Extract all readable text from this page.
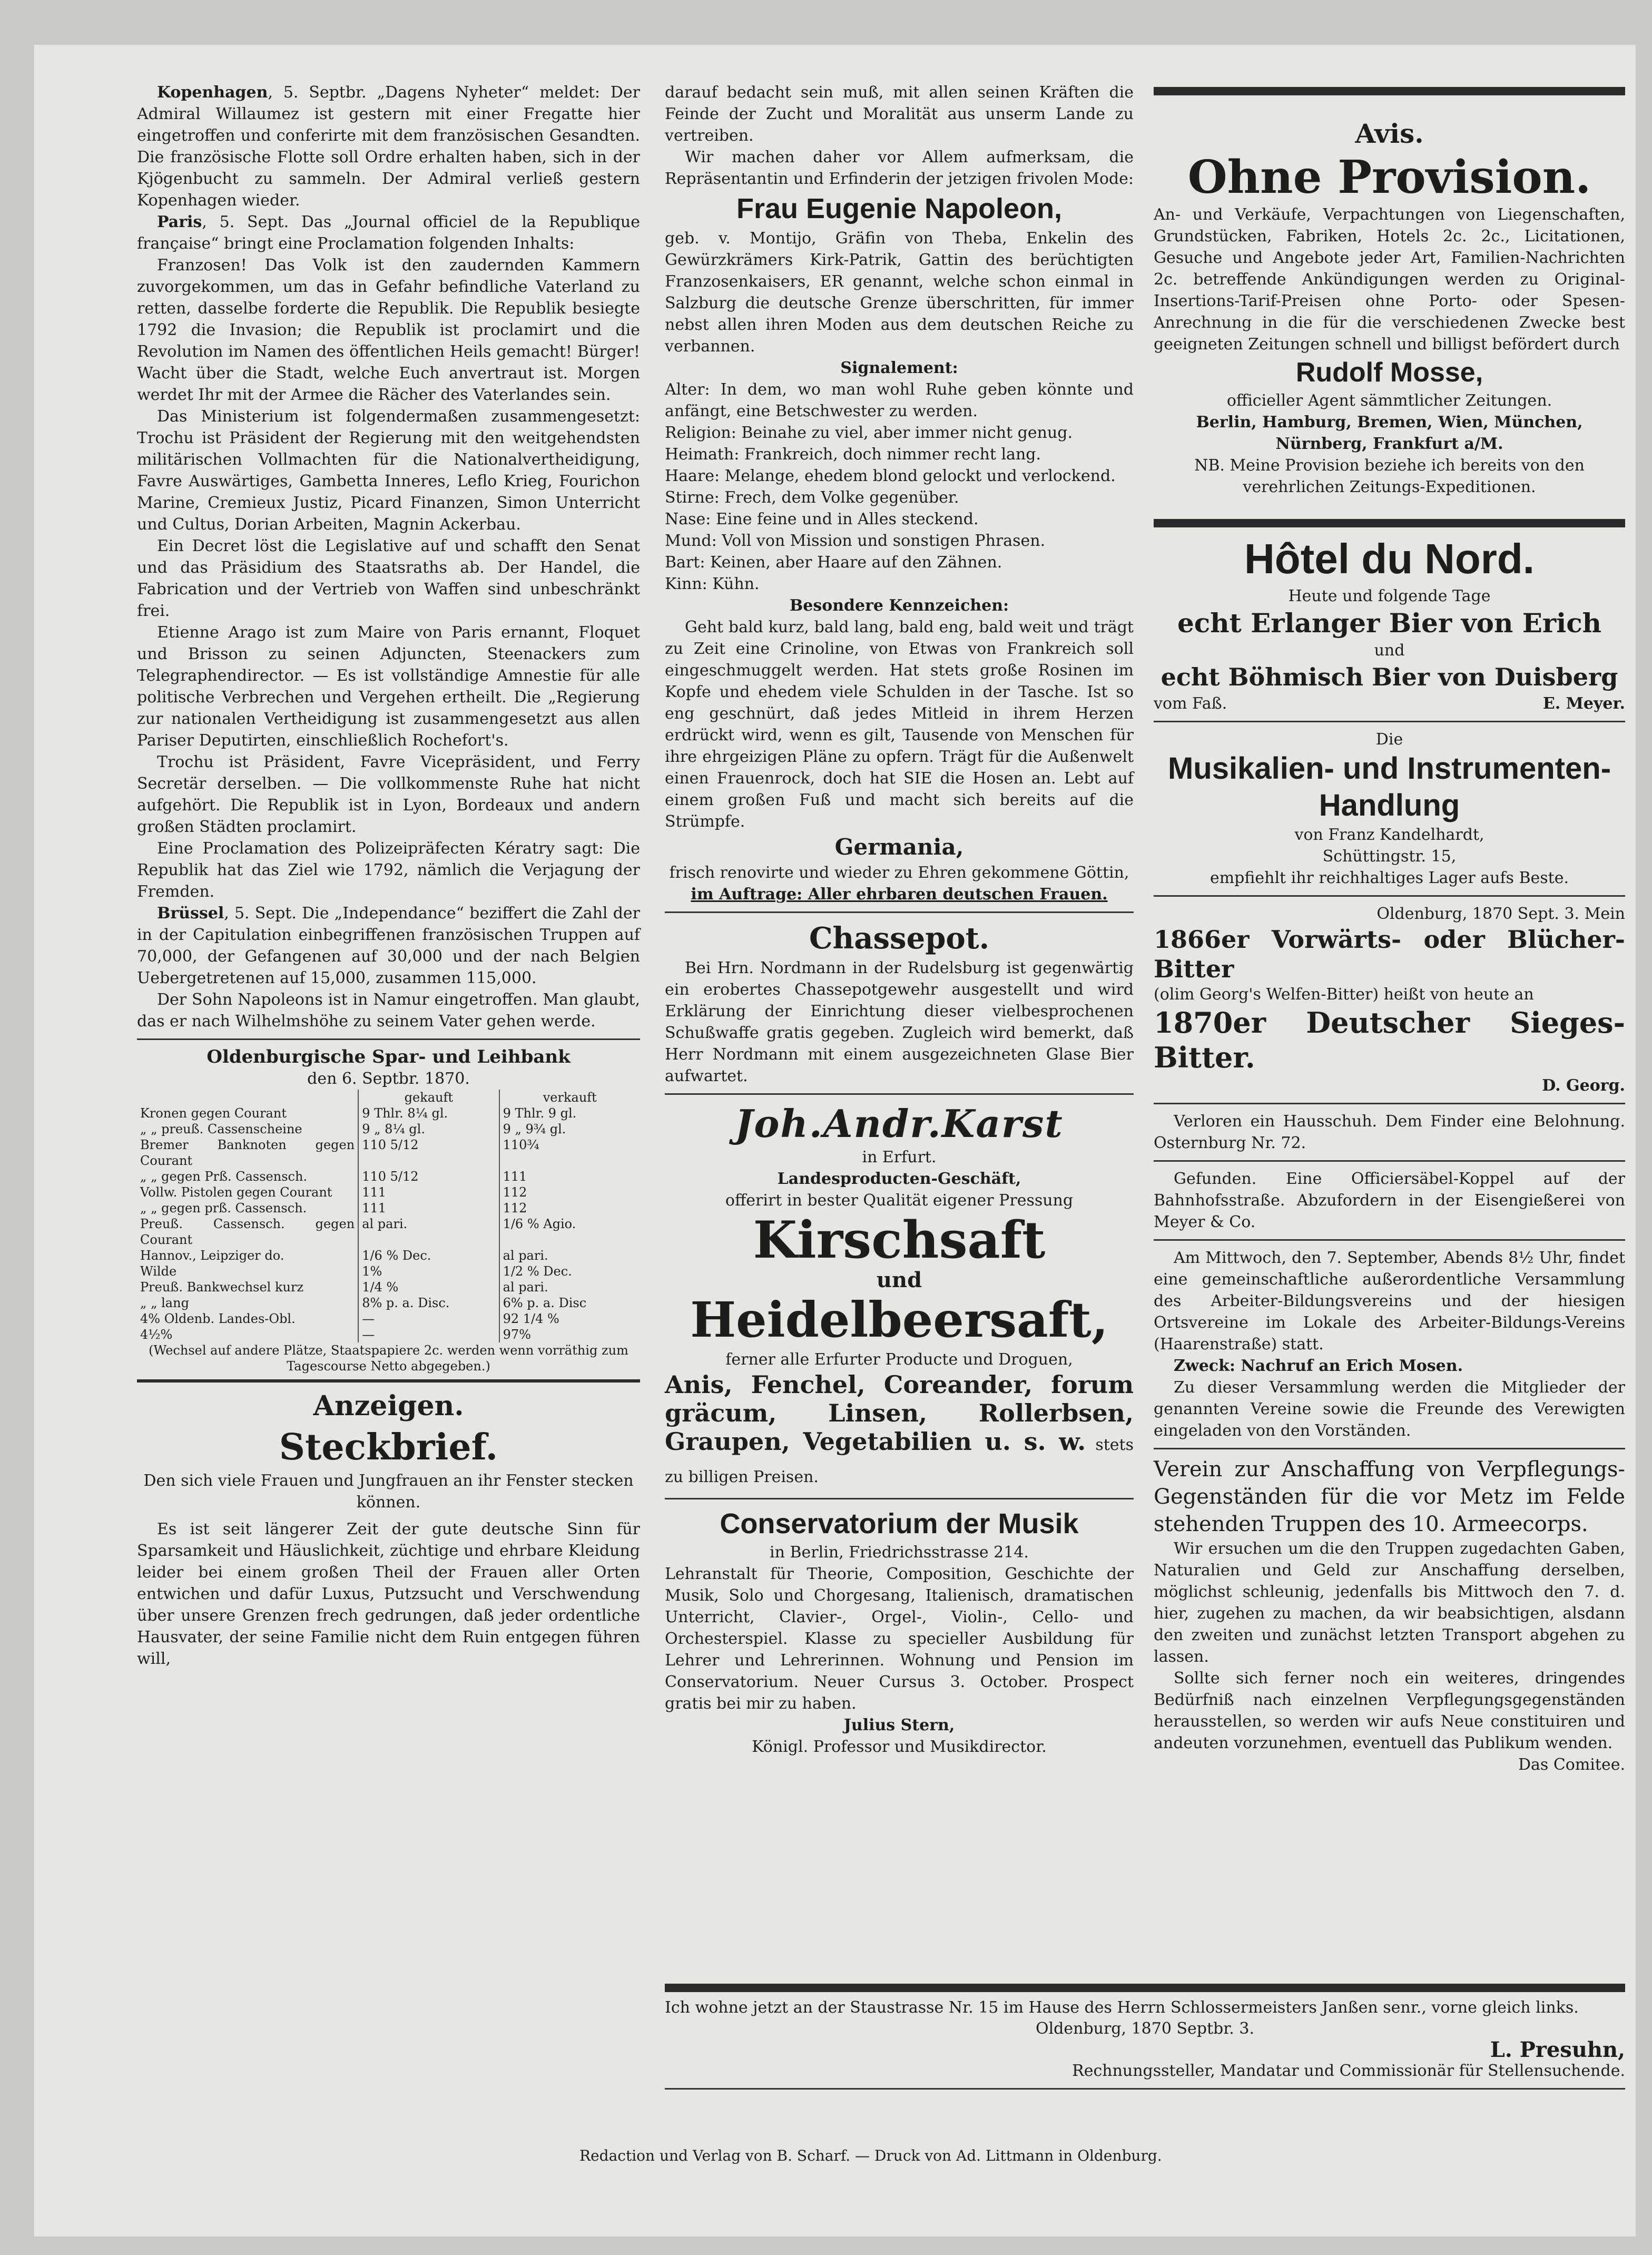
Kopenhagen, 5. Septbr. „Dagens Nyheter“ meldet: Der Admiral Willaumez ist gestern mit einer Fregatte hier eingetroffen und conferirte mit dem französischen Gesandten. Die französische Flotte soll Ordre erhalten haben, sich in der Kjögenbucht zu sammeln. Der Admiral verließ gestern Kopenhagen wieder.

Paris, 5. Sept. Das „Journal officiel de la Republique française“ bringt eine Proclamation folgenden Inhalts:

Franzosen! Das Volk ist den zaudernden Kammern zuvorgekommen, um das in Gefahr befindliche Vaterland zu retten, dasselbe forderte die Republik. Die Republik besiegte 1792 die Invasion; die Republik ist proclamirt und die Revolution im Namen des öffentlichen Heils gemacht! Bürger! Wacht über die Stadt, welche Euch anvertraut ist. Morgen werdet Ihr mit der Armee die Rächer des Vaterlandes sein.

Das Ministerium ist folgendermaßen zusammengesetzt: Trochu ist Präsident der Regierung mit den weitgehendsten militärischen Vollmachten für die Nationalvertheidigung, Favre Auswärtiges, Gambetta Inneres, Leflo Krieg, Fourichon Marine, Cremieux Justiz, Picard Finanzen, Simon Unterricht und Cultus, Dorian Arbeiten, Magnin Ackerbau.

Ein Decret löst die Legislative auf und schafft den Senat und das Präsidium des Staatsraths ab. Der Handel, die Fabrication und der Vertrieb von Waffen sind unbeschränkt frei.

Etienne Arago ist zum Maire von Paris ernannt, Floquet und Brisson zu seinen Adjuncten, Steenackers zum Telegraphendirector. — Es ist vollständige Amnestie für alle politische Verbrechen und Vergehen ertheilt. Die „Regierung zur nationalen Vertheidigung ist zusammengesetzt aus allen Pariser Deputirten, einschließlich Rochefort's.

Trochu ist Präsident, Favre Vicepräsident, und Ferry Secretär derselben. — Die vollkommenste Ruhe hat nicht aufgehört. Die Republik ist in Lyon, Bordeaux und andern großen Städten proclamirt.

Eine Proclamation des Polizeipräfecten Kératry sagt: Die Republik hat das Ziel wie 1792, nämlich die Verjagung der Fremden.

Brüssel, 5. Sept. Die „Independance“ beziffert die Zahl der in der Capitulation einbegriffenen französischen Truppen auf 70,000, der Gefangenen auf 30,000 und der nach Belgien Uebergetretenen auf 15,000, zusammen 115,000.

Der Sohn Napoleons ist in Namur eingetroffen. Man glaubt, das er nach Wilhelmshöhe zu seinem Vater gehen werde.

Oldenburgische Spar- und Leihbank

den 6. Septbr. 1870.

	gekauft	verkauft
Kronen gegen Courant	9 Thlr. 8¼ gl.	9 Thlr. 9 gl.
„ „ preuß. Cassenscheine	9 „ 8¼ gl.	9 „ 9¾ gl.
Bremer Banknoten gegen Courant	110 5/12	110¾
„ „ gegen Prß. Cassensch.	110 5/12	111
Vollw. Pistolen gegen Courant	111	112
„ „ gegen prß. Cassensch.	111	112
Preuß. Cassensch. gegen Courant	al pari.	1/6 % Agio.
Hannov., Leipziger do.	1/6 % Dec.	al pari.
Wilde	1%	1/2 % Dec.
Preuß. Bankwechsel kurz	1/4 %	al pari.
„ „ lang	8% p. a. Disc.	6% p. a. Disc
4% Oldenb. Landes-Obl.	—	92 1/4 %
4½%	—	97%

(Wechsel auf andere Plätze, Staatspapiere 2c. werden wenn vorräthig zum Tagescourse Netto abgegeben.)

Anzeigen.

Steckbrief.

Den sich viele Frauen und Jungfrauen an ihr Fenster stecken können.

Es ist seit längerer Zeit der gute deutsche Sinn für Sparsamkeit und Häuslichkeit, züchtige und ehrbare Kleidung leider bei einem großen Theil der Frauen aller Orten entwichen und dafür Luxus, Putzsucht und Verschwendung über unsere Grenzen frech gedrungen, daß jeder ordentliche Hausvater, der seine Familie nicht dem Ruin entgegen führen will,

darauf bedacht sein muß, mit allen seinen Kräften die Feinde der Zucht und Moralität aus unserm Lande zu vertreiben.

Wir machen daher vor Allem aufmerksam, die Repräsentantin und Erfinderin der jetzigen frivolen Mode:

Frau Eugenie Napoleon,

geb. v. Montijo, Gräfin von Theba, Enkelin des Gewürzkrämers Kirk-Patrik, Gattin des berüchtigten Franzosenkaisers, ER genannt, welche schon einmal in Salzburg die deutsche Grenze überschritten, für immer nebst allen ihren Moden aus dem deutschen Reiche zu verbannen.

Signalement:

Alter: In dem, wo man wohl Ruhe geben könnte und anfängt, eine Betschwester zu werden.

Religion: Beinahe zu viel, aber immer nicht genug.

Heimath: Frankreich, doch nimmer recht lang.

Haare: Melange, ehedem blond gelockt und verlockend.

Stirne: Frech, dem Volke gegenüber.

Nase: Eine feine und in Alles steckend.

Mund: Voll von Mission und sonstigen Phrasen.

Bart: Keinen, aber Haare auf den Zähnen.

Kinn: Kühn.

Besondere Kennzeichen:

Geht bald kurz, bald lang, bald eng, bald weit und trägt zu Zeit eine Crinoline, von Etwas von Frankreich soll eingeschmuggelt werden. Hat stets große Rosinen im Kopfe und ehedem viele Schulden in der Tasche. Ist so eng geschnürt, daß jedes Mitleid in ihrem Herzen erdrückt wird, wenn es gilt, Tausende von Menschen für ihre ehrgeizigen Pläne zu opfern. Trägt für die Außenwelt einen Frauenrock, doch hat SIE die Hosen an. Lebt auf einem großen Fuß und macht sich bereits auf die Strümpfe.

Germania,

frisch renovirte und wieder zu Ehren gekommene Göttin,

im Auftrage: Aller ehrbaren deutschen Frauen.

Chassepot.

Bei Hrn. Nordmann in der Rudelsburg ist gegenwärtig ein erobertes Chassepotgewehr ausgestellt und wird Erklärung der Einrichtung dieser vielbesprochenen Schußwaffe gratis gegeben. Zugleich wird bemerkt, daß Herr Nordmann mit einem ausgezeichneten Glase Bier aufwartet.

Joh.Andr.Karst

in Erfurt.

Landesproducten-Geschäft,

offerirt in bester Qualität eigener Pressung

Kirschsaft

und

Heidelbeersaft,

ferner alle Erfurter Producte und Droguen,

Anis, Fenchel, Coreander, forum gräcum, Linsen, Rollerbsen, Graupen, Vegetabilien u. s. w. stets zu billigen Preisen.

Conservatorium der Musik

in Berlin, Friedrichsstrasse 214.

Lehranstalt für Theorie, Composition, Geschichte der Musik, Solo und Chorgesang, Italienisch, dramatischen Unterricht, Clavier-, Orgel-, Violin-, Cello- und Orchesterspiel. Klasse zu specieller Ausbildung für Lehrer und Lehrerinnen. Wohnung und Pension im Conservatorium. Neuer Cursus 3. October. Prospect gratis bei mir zu haben.

Julius Stern,

Königl. Professor und Musikdirector.

Avis.

Ohne Provision.

An- und Verkäufe, Verpachtungen von Liegenschaften, Grundstücken, Fabriken, Hotels 2c. 2c., Licitationen, Gesuche und Angebote jeder Art, Familien-Nachrichten 2c. betreffende Ankündigungen werden zu Original-Insertions-Tarif-Preisen ohne Porto- oder Spesen-Anrechnung in die für die verschiedenen Zwecke best geeigneten Zeitungen schnell und billigst befördert durch

Rudolf Mosse,

officieller Agent sämmtlicher Zeitungen.

Berlin, Hamburg, Bremen, Wien, München, Nürnberg, Frankfurt a/M.

NB. Meine Provision beziehe ich bereits von den verehrlichen Zeitungs-Expeditionen.

Hôtel du Nord.

Heute und folgende Tage

echt Erlanger Bier von Erich

und

echt Böhmisch Bier von Duisberg

vom Faß.	E. Meyer.

Die

Musikalien- und Instrumenten-Handlung

von Franz Kandelhardt,

Schüttingstr. 15,

empfiehlt ihr reichhaltiges Lager aufs Beste.

Oldenburg, 1870 Sept. 3. Mein

1866er Vorwärts- oder Blücher-Bitter

(olim Georg's Welfen-Bitter) heißt von heute an

1870er Deutscher Sieges-Bitter.

D. Georg.

Verloren ein Hausschuh. Dem Finder eine Belohnung. Osternburg Nr. 72.

Gefunden. Eine Officiersäbel-Koppel auf der Bahnhofsstraße. Abzufordern in der Eisengießerei von Meyer & Co.

Am Mittwoch, den 7. September, Abends 8½ Uhr, findet eine gemeinschaftliche außerordentliche Versammlung des Arbeiter-Bildungsvereins und der hiesigen Ortsvereine im Lokale des Arbeiter-Bildungs-Vereins (Haarenstraße) statt.

Zweck: Nachruf an Erich Mosen.

Zu dieser Versammlung werden die Mitglieder der genannten Vereine sowie die Freunde des Verewigten eingeladen von den Vorständen.

Verein zur Anschaffung von Verpflegungs-Gegenständen für die vor Metz im Felde stehenden Truppen des 10. Armeecorps.

Wir ersuchen um die den Truppen zugedachten Gaben, Naturalien und Geld zur Anschaffung derselben, möglichst schleunig, jedenfalls bis Mittwoch den 7. d. hier, zugehen zu machen, da wir beabsichtigen, alsdann den zweiten und zunächst letzten Transport abgehen zu lassen.

Sollte sich ferner noch ein weiteres, dringendes Bedürfniß nach einzelnen Verpflegungsgegenständen herausstellen, so werden wir aufs Neue constituiren und andeuten vorzunehmen, eventuell das Publikum wenden.

Das Comitee.

Ich wohne jetzt an der Staustrasse Nr. 15 im Hause des Herrn Schlossermeisters Janßen senr., vorne gleich links.

Oldenburg, 1870 Septbr. 3.

L. Presuhn,

Rechnungssteller, Mandatar und Commissionär für Stellensuchende.

Redaction und Verlag von B. Scharf. — Druck von Ad. Littmann in Oldenburg.
